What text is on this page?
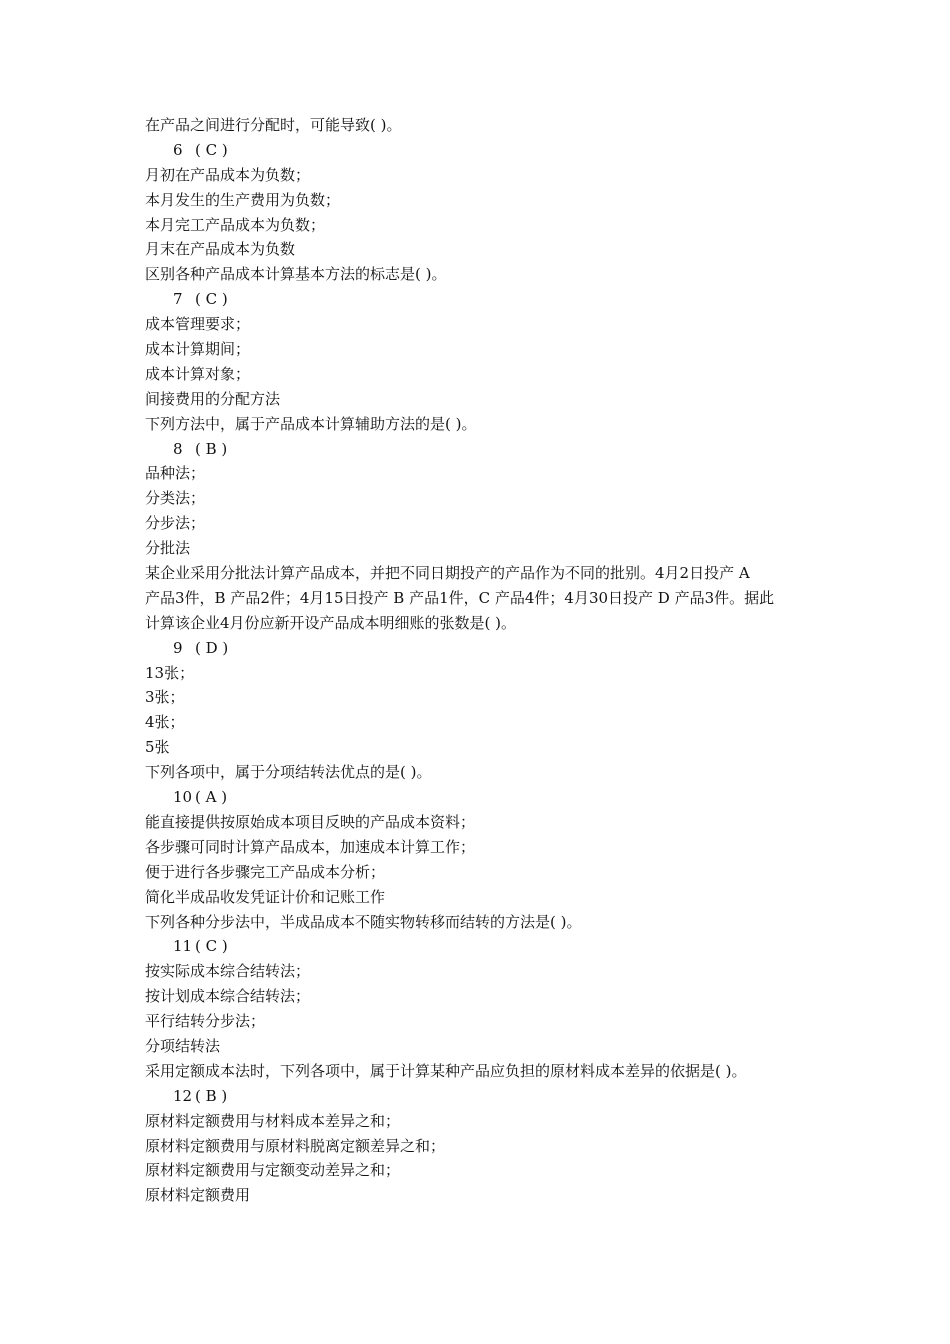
在产品之间进行分配时，可能导致( )。
6 ( C )
月初在产品成本为负数；
本月发生的生产费用为负数；
本月完工产品成本为负数；
月末在产品成本为负数
区别各种产品成本计算基本方法的标志是( )。
7 ( C )
成本管理要求；
成本计算期间；
成本计算对象；
间接费用的分配方法
下列方法中，属于产品成本计算辅助方法的是( )。
8 ( B )
品种法；
分类法；
分步法；
分批法
某企业采用分批法计算产品成本，并把不同日期投产的产品作为不同的批别。4月2日投产 A
产品3件，B 产品2件；4月15日投产 B 产品1件，C 产品4件；4月30日投产 D 产品3件。据此
计算该企业4月份应新开设产品成本明细账的张数是( )。
9 ( D )
13张；
3张；
4张；
5张
下列各项中，属于分项结转法优点的是( )。
10 ( A )
能直接提供按原始成本项目反映的产品成本资料；
各步骤可同时计算产品成本，加速成本计算工作；
便于进行各步骤完工产品成本分析；
简化半成品收发凭证计价和记账工作
下列各种分步法中，半成品成本不随实物转移而结转的方法是( )。
11 ( C )
按实际成本综合结转法；
按计划成本综合结转法；
平行结转分步法；
分项结转法
采用定额成本法时，下列各项中，属于计算某种产品应负担的原材料成本差异的依据是( )。
12 ( B )
原材料定额费用与材料成本差异之和；
原材料定额费用与原材料脱离定额差异之和；
原材料定额费用与定额变动差异之和；
原材料定额费用
